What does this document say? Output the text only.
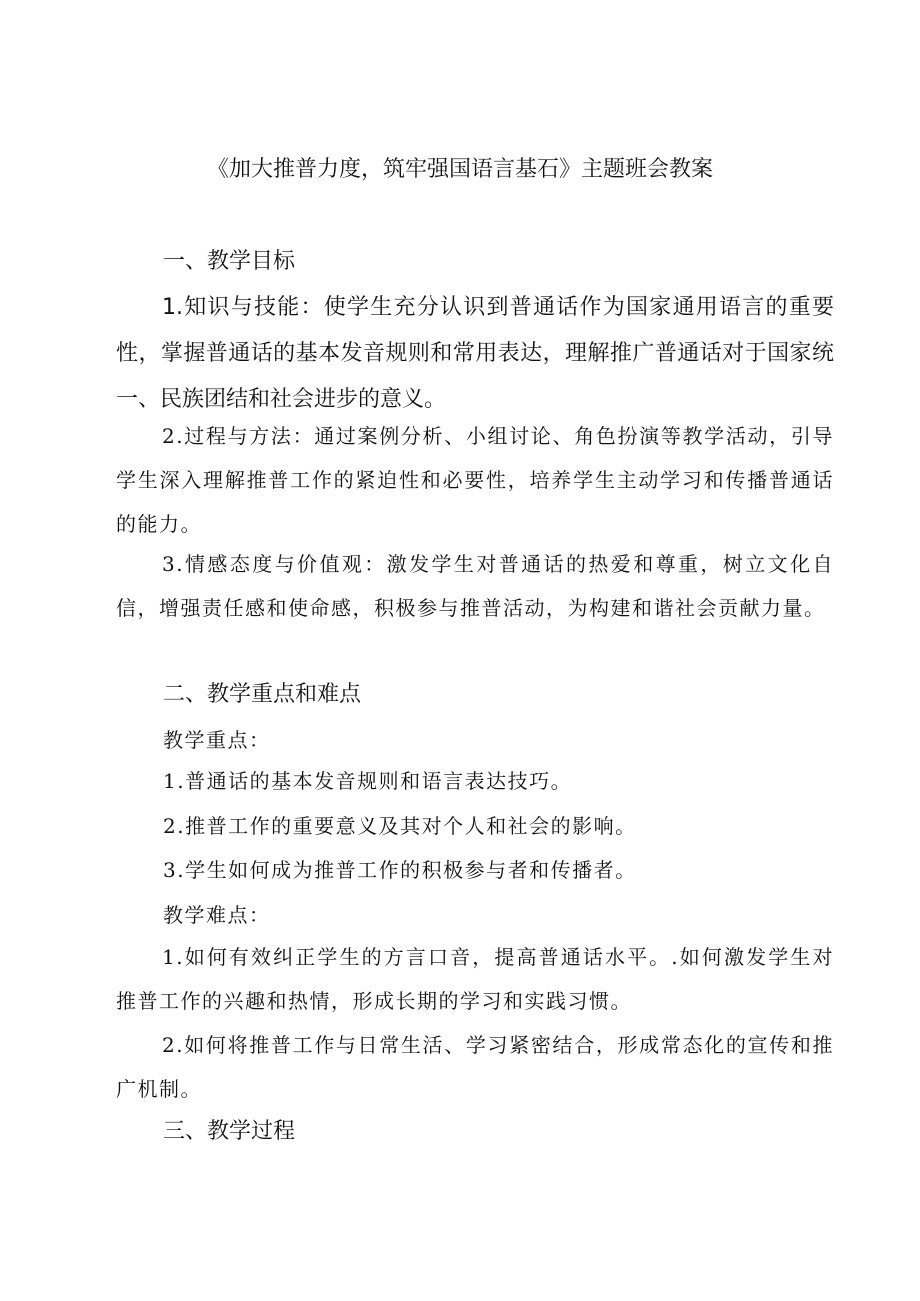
《加大推普力度，筑牢强国语言基石》主题班会教案
一、教学目标

1.知识与技能：使学生充分认识到普通话作为国家通用语言的重要性，掌握普通话的基本发音规则和常用表达，理解推广普通话对于国家统一、民族团结和社会进步的意义。

2.过程与方法：通过案例分析、小组讨论、角色扮演等教学活动，引导学生深入理解推普工作的紧迫性和必要性，培养学生主动学习和传播普通话的能力。

3.情感态度与价值观：激发学生对普通话的热爱和尊重，树立文化自信，增强责任感和使命感，积极参与推普活动，为构建和谐社会贡献力量。

二、教学重点和难点
教学重点：
1.普通话的基本发音规则和语言表达技巧。
2.推普工作的重要意义及其对个人和社会的影响。
3.学生如何成为推普工作的积极参与者和传播者。
教学难点：

1.如何有效纠正学生的方言口音，提高普通话水平。.如何激发学生对推普工作的兴趣和热情，形成长期的学习和实践习惯。

2.如何将推普工作与日常生活、学习紧密结合，形成常态化的宣传和推广机制。

三、教学过程
